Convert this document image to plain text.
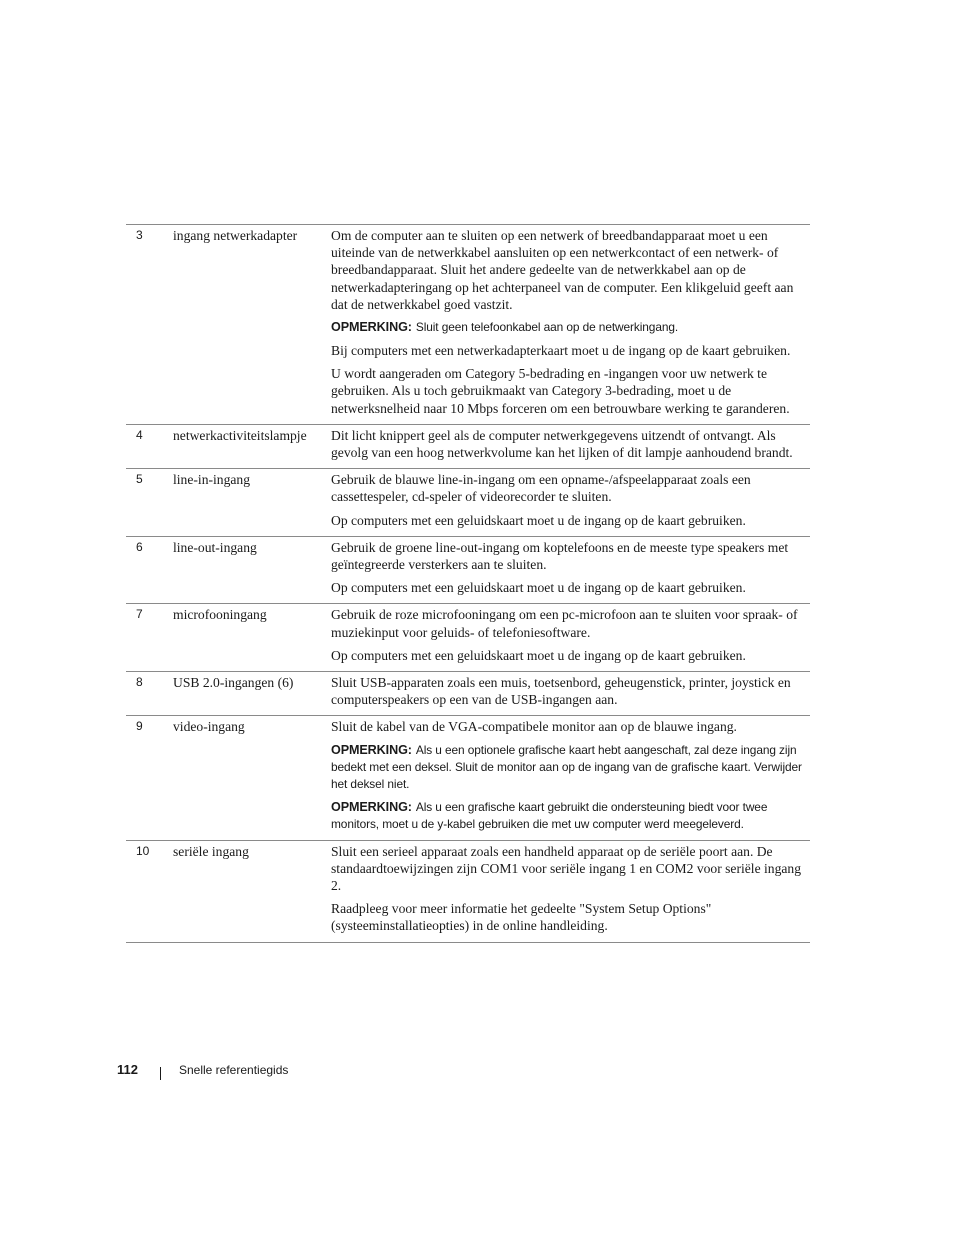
3	ingang netwerkadapter	Om de computer aan te sluiten op een netwerk of breedbandapparaat moet u een uiteinde van de netwerkkabel aansluiten op een netwerkcontact of een netwerk- of breedbandapparaat. Sluit het andere gedeelte van de netwerkkabel aan op de netwerkadapteringang op het achterpaneel van de computer. Een klikgeluid geeft aan dat de netwerkkabel goed vastzit.
OPMERKING: Sluit geen telefoonkabel aan op de netwerkingang.
Bij computers met een netwerkadapterkaart moet u de ingang op de kaart gebruiken.
U wordt aangeraden om Category 5-bedrading en -ingangen voor uw netwerk te gebruiken. Als u toch gebruikmaakt van Category 3-bedrading, moet u de netwerksnelheid naar 10 Mbps forceren om een betrouwbare werking te garanderen.

4	netwerkactiviteitslampje	Dit licht knippert geel als de computer netwerkgegevens uitzendt of ontvangt. Als gevolg van een hoog netwerkvolume kan het lijken of dit lampje aanhoudend brandt.

5	line-in-ingang	Gebruik de blauwe line-in-ingang om een opname-/afspeelapparaat zoals een cassettespeler, cd-speler of videorecorder te sluiten.
Op computers met een geluidskaart moet u de ingang op de kaart gebruiken.

6	line-out-ingang	Gebruik de groene line-out-ingang om koptelefoons en de meeste type speakers met geïntegreerde versterkers aan te sluiten.
Op computers met een geluidskaart moet u de ingang op de kaart gebruiken.

7	microfooningang	Gebruik de roze microfooningang om een pc-microfoon aan te sluiten voor spraak- of muziekinput voor geluids- of telefoniesoftware.
Op computers met een geluidskaart moet u de ingang op de kaart gebruiken.

8	USB 2.0-ingangen (6)	Sluit USB-apparaten zoals een muis, toetsenbord, geheugenstick, printer, joystick en computerspeakers op een van de USB-ingangen aan.

9	video-ingang	Sluit de kabel van de VGA-compatibele monitor aan op de blauwe ingang.
OPMERKING: Als u een optionele grafische kaart hebt aangeschaft, zal deze ingang zijn bedekt met een deksel. Sluit de monitor aan op de ingang van de grafische kaart. Verwijder het deksel niet.
OPMERKING: Als u een grafische kaart gebruikt die ondersteuning biedt voor twee monitors, moet u de y-kabel gebruiken die met uw computer werd meegeleverd.

10	seriële ingang	Sluit een serieel apparaat zoals een handheld apparaat op de seriële poort aan. De standaardtoewijzingen zijn COM1 voor seriële ingang 1 en COM2 voor seriële ingang 2.
Raadpleeg voor meer informatie het gedeelte "System Setup Options" (systeeminstallatieopties) in de online handleiding.
112	Snelle referentiegids
